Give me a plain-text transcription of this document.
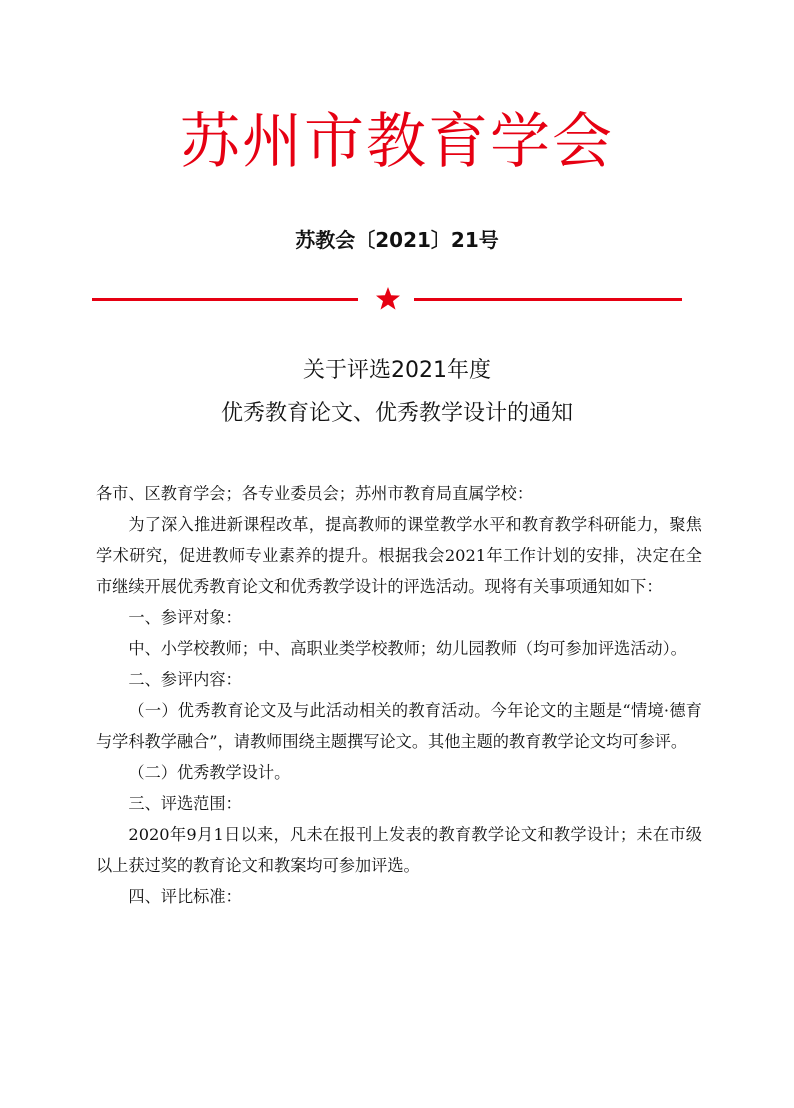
苏州市教育学会
苏教会〔2021〕21号
关于评选2021年度
优秀教育论文、优秀教学设计的通知

各市、区教育学会；各专业委员会；苏州市教育局直属学校：

为了深入推进新课程改革，提高教师的课堂教学水平和教育教学科研能力，聚焦学术研究，促进教师专业素养的提升。根据我会2021年工作计划的安排，决定在全市继续开展优秀教育论文和优秀教学设计的评选活动。现将有关事项通知如下：

一、参评对象：

中、小学校教师；中、高职业类学校教师；幼儿园教师（均可参加评选活动）。

二、参评内容：

（一）优秀教育论文及与此活动相关的教育活动。今年论文的主题是“情境·德育与学科教学融合”，请教师围绕主题撰写论文。其他主题的教育教学论文均可参评。

（二）优秀教学设计。

三、评选范围：

2020年9月1日以来，凡未在报刊上发表的教育教学论文和教学设计；未在市级以上获过奖的教育论文和教案均可参加评选。

四、评比标准：
